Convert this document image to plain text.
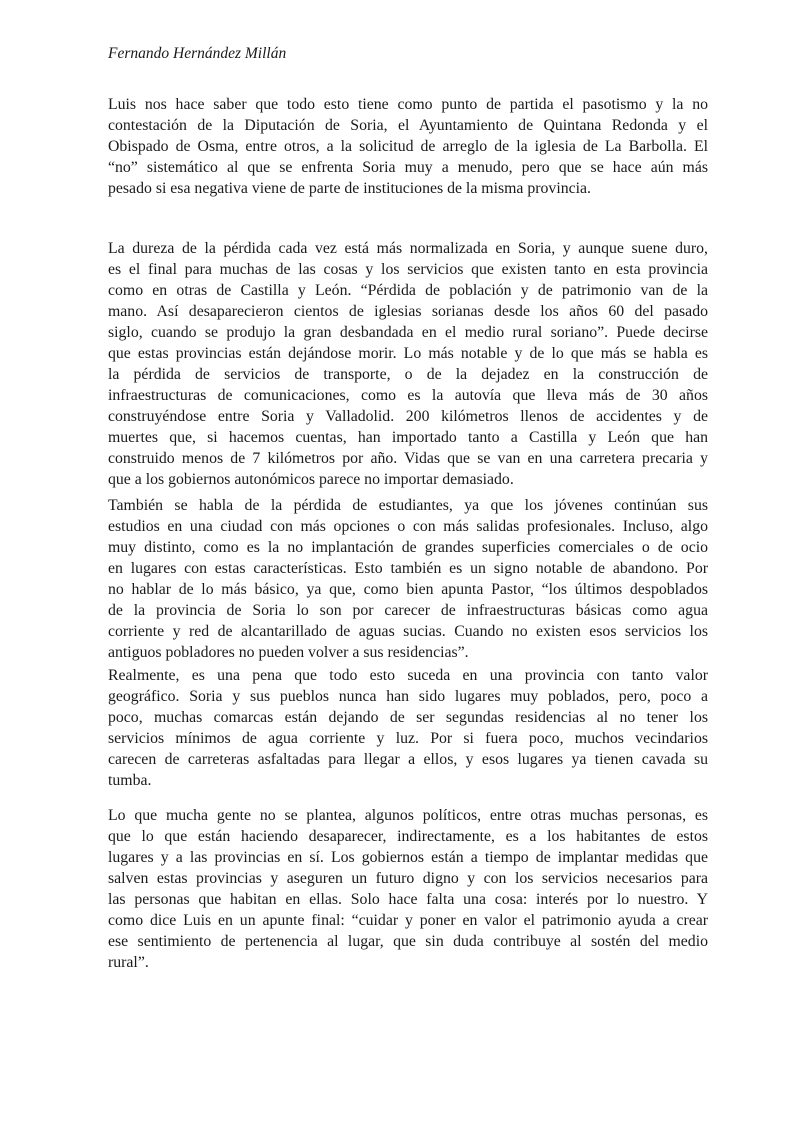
Fernando Hernández Millán
Luis nos hace saber que todo esto tiene como punto de partida el pasotismo y la no
contestación de la Diputación de Soria, el Ayuntamiento de Quintana Redonda y el
Obispado de Osma, entre otros, a la solicitud de arreglo de la iglesia de La Barbolla. El
“no” sistemático al que se enfrenta Soria muy a menudo, pero que se hace aún más
pesado si esa negativa viene de parte de instituciones de la misma provincia.
La dureza de la pérdida cada vez está más normalizada en Soria, y aunque suene duro,
es el final para muchas de las cosas y los servicios que existen tanto en esta provincia
como en otras de Castilla y León. “Pérdida de población y de patrimonio van de la
mano. Así desaparecieron cientos de iglesias sorianas desde los años 60 del pasado
siglo, cuando se produjo la gran desbandada en el medio rural soriano”. Puede decirse
que estas provincias están dejándose morir. Lo más notable y de lo que más se habla es
la pérdida de servicios de transporte, o de la dejadez en la construcción de
infraestructuras de comunicaciones, como es la autovía que lleva más de 30 años
construyéndose entre Soria y Valladolid. 200 kilómetros llenos de accidentes y de
muertes que, si hacemos cuentas, han importado tanto a Castilla y León que han
construido menos de 7 kilómetros por año. Vidas que se van en una carretera precaria y
que a los gobiernos autonómicos parece no importar demasiado.
También se habla de la pérdida de estudiantes, ya que los jóvenes continúan sus
estudios en una ciudad con más opciones o con más salidas profesionales. Incluso, algo
muy distinto, como es la no implantación de grandes superficies comerciales o de ocio
en lugares con estas características. Esto también es un signo notable de abandono. Por
no hablar de lo más básico, ya que, como bien apunta Pastor, “los últimos despoblados
de la provincia de Soria lo son por carecer de infraestructuras básicas como agua
corriente y red de alcantarillado de aguas sucias. Cuando no existen esos servicios los
antiguos pobladores no pueden volver a sus residencias”.
Realmente, es una pena que todo esto suceda en una provincia con tanto valor
geográfico. Soria y sus pueblos nunca han sido lugares muy poblados, pero, poco a
poco, muchas comarcas están dejando de ser segundas residencias al no tener los
servicios mínimos de agua corriente y luz. Por si fuera poco, muchos vecindarios
carecen de carreteras asfaltadas para llegar a ellos, y esos lugares ya tienen cavada su
tumba.
Lo que mucha gente no se plantea, algunos políticos, entre otras muchas personas, es
que lo que están haciendo desaparecer, indirectamente, es a los habitantes de estos
lugares y a las provincias en sí. Los gobiernos están a tiempo de implantar medidas que
salven estas provincias y aseguren un futuro digno y con los servicios necesarios para
las personas que habitan en ellas. Solo hace falta una cosa: interés por lo nuestro. Y
como dice Luis en un apunte final: “cuidar y poner en valor el patrimonio ayuda a crear
ese sentimiento de pertenencia al lugar, que sin duda contribuye al sostén del medio
rural”.
